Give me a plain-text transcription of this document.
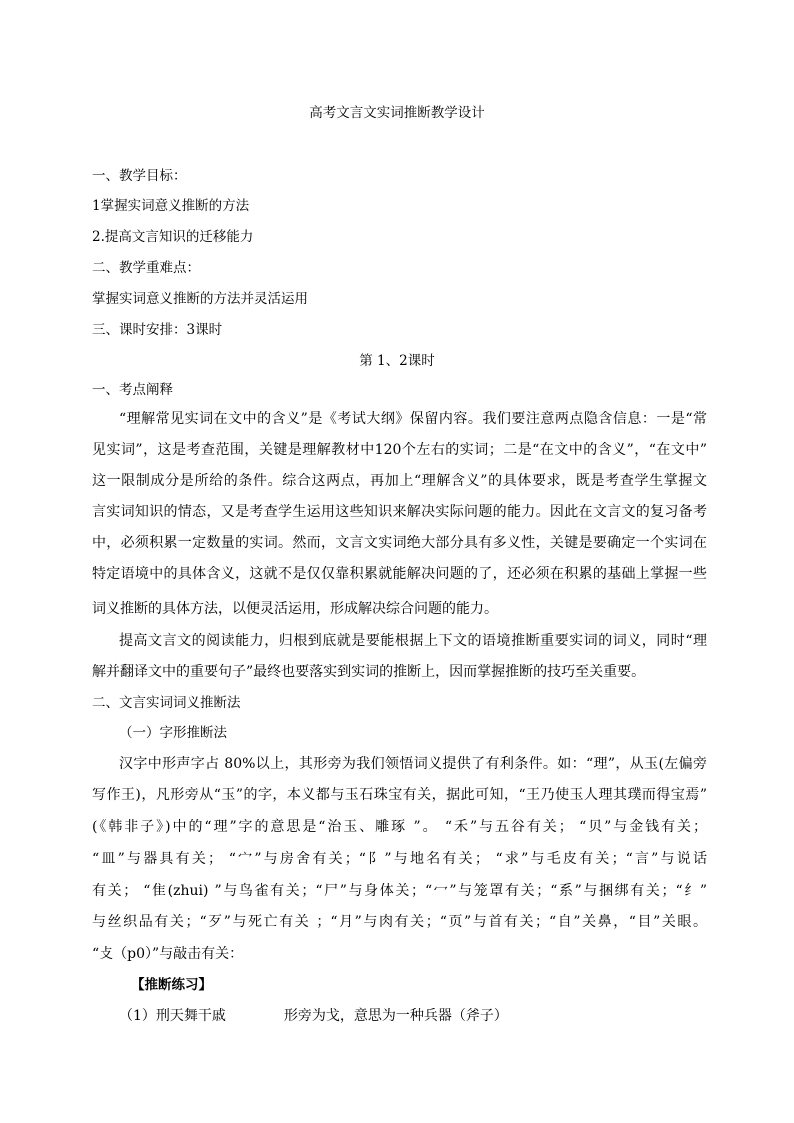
高考文言文实词推断教学设计
一、教学目标：
1掌握实词意义推断的方法
2.提高文言知识的迁移能力
二、教学重难点：
掌握实词意义推断的方法并灵活运用
三、课时安排：3课时
第 1、2课时
一、考点阐释
“理解常见实词在文中的含义”是《考试大纲》保留内容。我们要注意两点隐含信息：一是“常
见实词”，这是考查范围，关键是理解教材中120个左右的实词；二是“在文中的含义”，“在文中”
这一限制成分是所给的条件。综合这两点，再加上“理解含义”的具体要求，既是考查学生掌握文
言实词知识的情态，又是考查学生运用这些知识来解决实际问题的能力。因此在文言文的复习备考
中，必须积累一定数量的实词。然而，文言文实词绝大部分具有多义性，关键是要确定一个实词在
特定语境中的具体含义，这就不是仅仅靠积累就能解决问题的了，还必须在积累的基础上掌握一些
词义推断的具体方法，以便灵活运用，形成解决综合问题的能力。
提高文言文的阅读能力，归根到底就是要能根据上下文的语境推断重要实词的词义，同时“理
解并翻译文中的重要句子”最终也要落实到实词的推断上，因而掌握推断的技巧至关重要。
二、文言实词词义推断法
（一）字形推断法
汉字中形声字占 80%以上，其形旁为我们领悟词义提供了有利条件。如：“理”，从玉(左偏旁
写作王)，凡形旁从“玉”的字，本义都与玉石珠宝有关，据此可知，“王乃使玉人理其璞而得宝焉”
(《韩非子》)中的“理”字的意思是“治玉、雕琢 ”。 “禾”与五谷有关； “贝”与金钱有关；
“皿”与器具有关； “宀”与房舍有关；“阝”与地名有关； “求”与毛皮有关；“言”与说话
有关； “隹(zhui) ”与鸟雀有关；“尸”与身体关；“冖”与笼罩有关；“系”与捆绑有关；“纟”
与丝织品有关；“歹”与死亡有关 ；“月”与肉有关；“页”与首有关；“自”关鼻，“目”关眼。
“攴（p0）”与敲击有关：
【推断练习】
（1）刑天舞干戚	形旁为戈，意思为一种兵器（斧子）
